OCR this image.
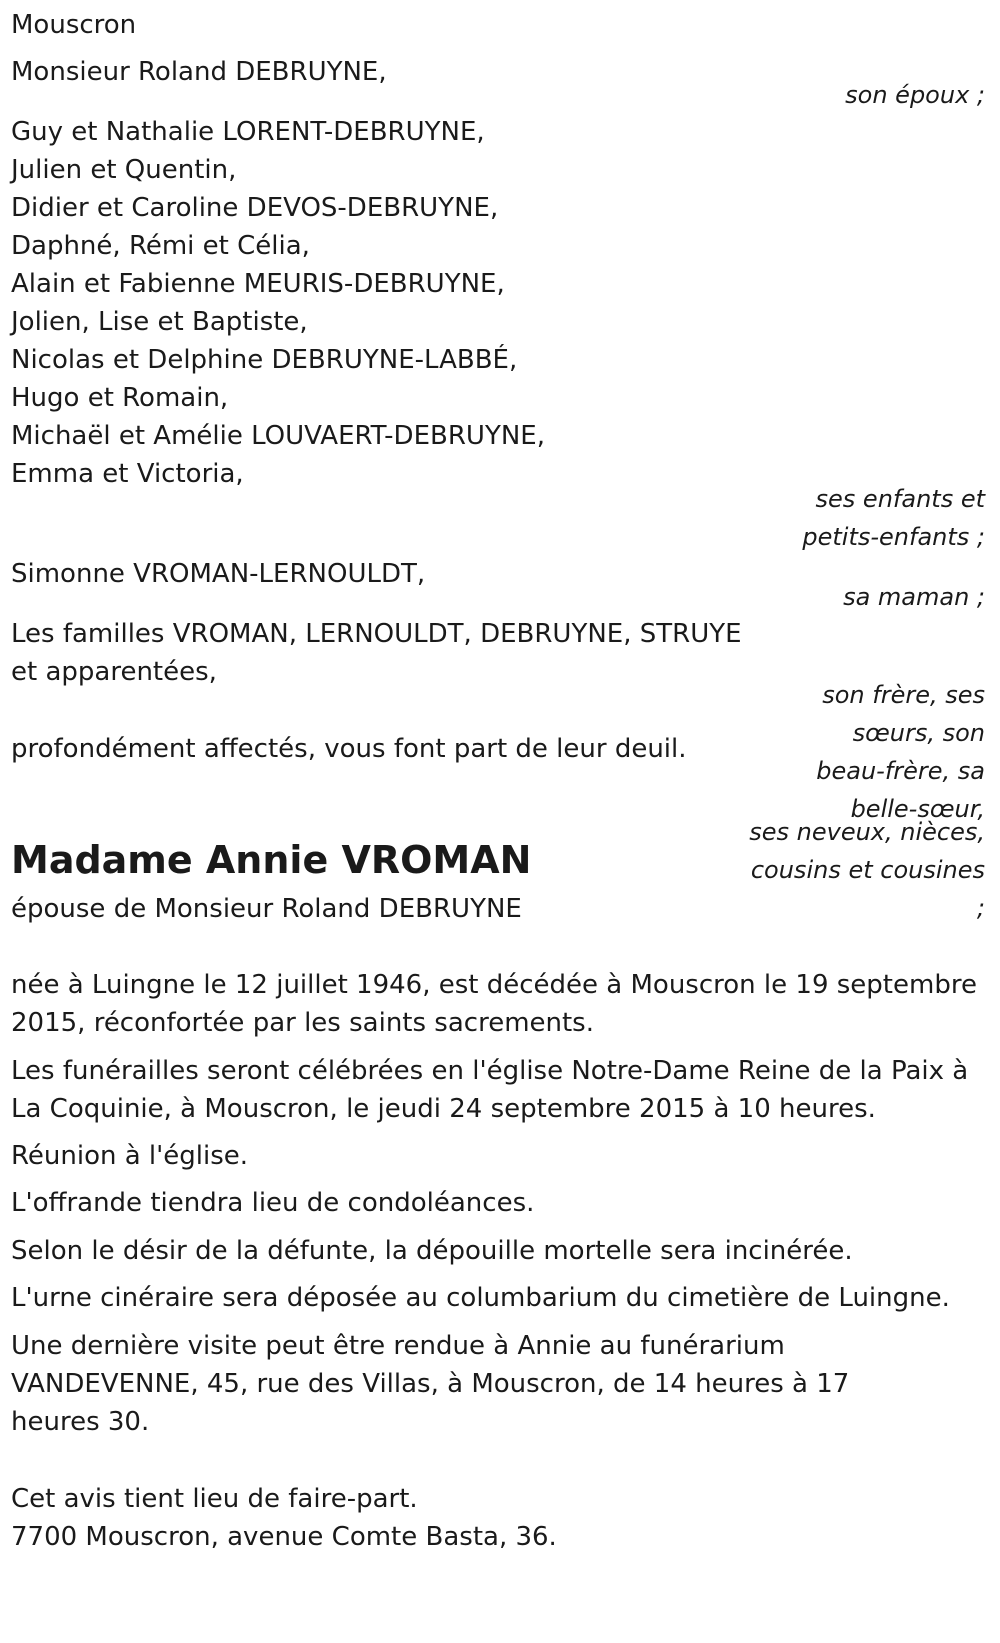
Mouscron
Monsieur Roland DEBRUYNE,
son époux ;
Guy et Nathalie LORENT-DEBRUYNE,
Julien et Quentin,
Didier et Caroline DEVOS-DEBRUYNE,
Daphné, Rémi et Célia,
Alain et Fabienne MEURIS-DEBRUYNE,
Jolien, Lise et Baptiste,
Nicolas et Delphine DEBRUYNE-LABBÉ,
Hugo et Romain,
Michaël et Amélie LOUVAERT-DEBRUYNE,
Emma et Victoria,
ses enfants et
petits-enfants ;
Simonne VROMAN-LERNOULDT,
sa maman ;
Les familles VROMAN, LERNOULDT, DEBRUYNE, STRUYE
et apparentées,
son frère, ses
sœurs, son
beau-frère, sa
belle-sœur,
profondément affectés, vous font part de leur deuil.
Madame Annie VROMAN
ses neveux, nièces,
cousins et cousines
;
épouse de Monsieur Roland DEBRUYNE
née à Luingne le 12 juillet 1946, est décédée à Mouscron le 19 septembre 2015, réconfortée par les saints sacrements.
Les funérailles seront célébrées en l'église Notre-Dame Reine de la Paix à La Coquinie, à Mouscron, le jeudi 24 septembre 2015 à 10 heures.
Réunion à l'église.
L'offrande tiendra lieu de condoléances.
Selon le désir de la défunte, la dépouille mortelle sera incinérée.
L'urne cinéraire sera déposée au columbarium du cimetière de Luingne.
Une dernière visite peut être rendue à Annie au funérarium VANDEVENNE, 45, rue des Villas, à Mouscron, de 14 heures à 17 heures 30.
Cet avis tient lieu de faire-part.
7700 Mouscron, avenue Comte Basta, 36.
